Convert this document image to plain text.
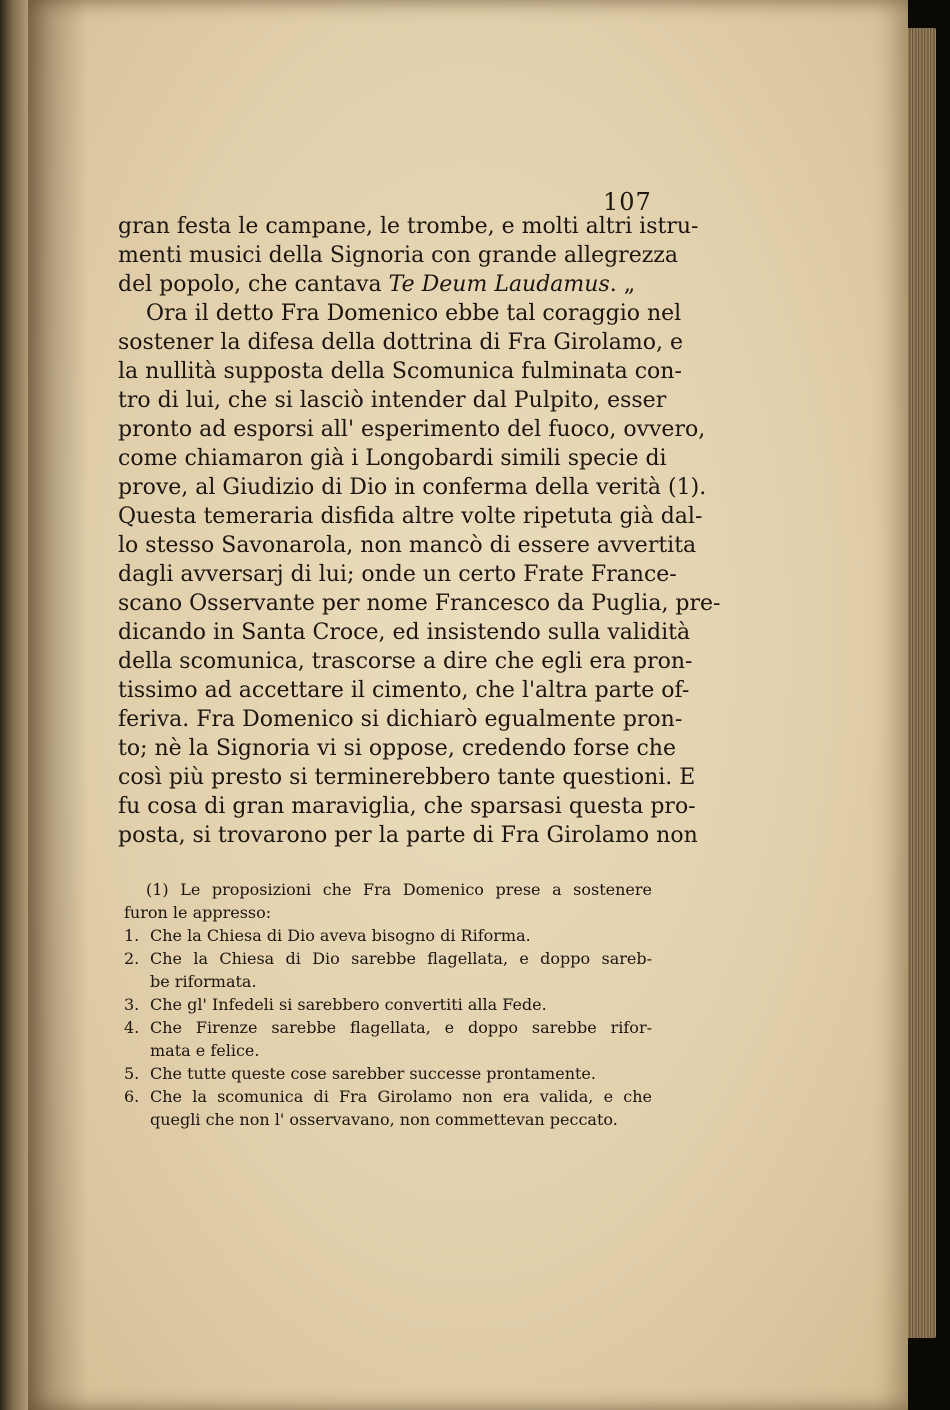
107
gran festa le campane, le trombe, e molti altri istru-
menti musici della Signoria con grande allegrezza
del popolo, che cantava Te Deum Laudamus. „
Ora il detto Fra Domenico ebbe tal coraggio nel
sostener la difesa della dottrina di Fra Girolamo, e
la nullità supposta della Scomunica fulminata con-
tro di lui, che si lasciò intender dal Pulpito, esser
pronto ad esporsi all' esperimento del fuoco, ovvero,
come chiamaron già i Longobardi simili specie di
prove, al Giudizio di Dio in conferma della verità (1).
Questa temeraria disfida altre volte ripetuta già dal-
lo stesso Savonarola, non mancò di essere avvertita
dagli avversarj di lui; onde un certo Frate France-
scano Osservante per nome Francesco da Puglia, pre-
dicando in Santa Croce, ed insistendo sulla validità
della scomunica, trascorse a dire che egli era pron-
tissimo ad accettare il cimento, che l'altra parte of-
feriva. Fra Domenico si dichiarò egualmente pron-
to; nè la Signoria vi si oppose, credendo forse che
così più presto si terminerebbero tante questioni. E
fu cosa di gran maraviglia, che sparsasi questa pro-
posta, si trovarono per la parte di Fra Girolamo non
(1) Le proposizioni che Fra Domenico prese a sostenere
furon le appresso:
1. Che la Chiesa di Dio aveva bisogno di Riforma.
2. Che la Chiesa di Dio sarebbe flagellata, e doppo sareb-
be riformata.
3. Che gl' Infedeli si sarebbero convertiti alla Fede.
4. Che Firenze sarebbe flagellata, e doppo sarebbe rifor-
mata e felice.
5. Che tutte queste cose sarebber successe prontamente.
6. Che la scomunica di Fra Girolamo non era valida, e che
quegli che non l' osservavano, non commettevan peccato.
